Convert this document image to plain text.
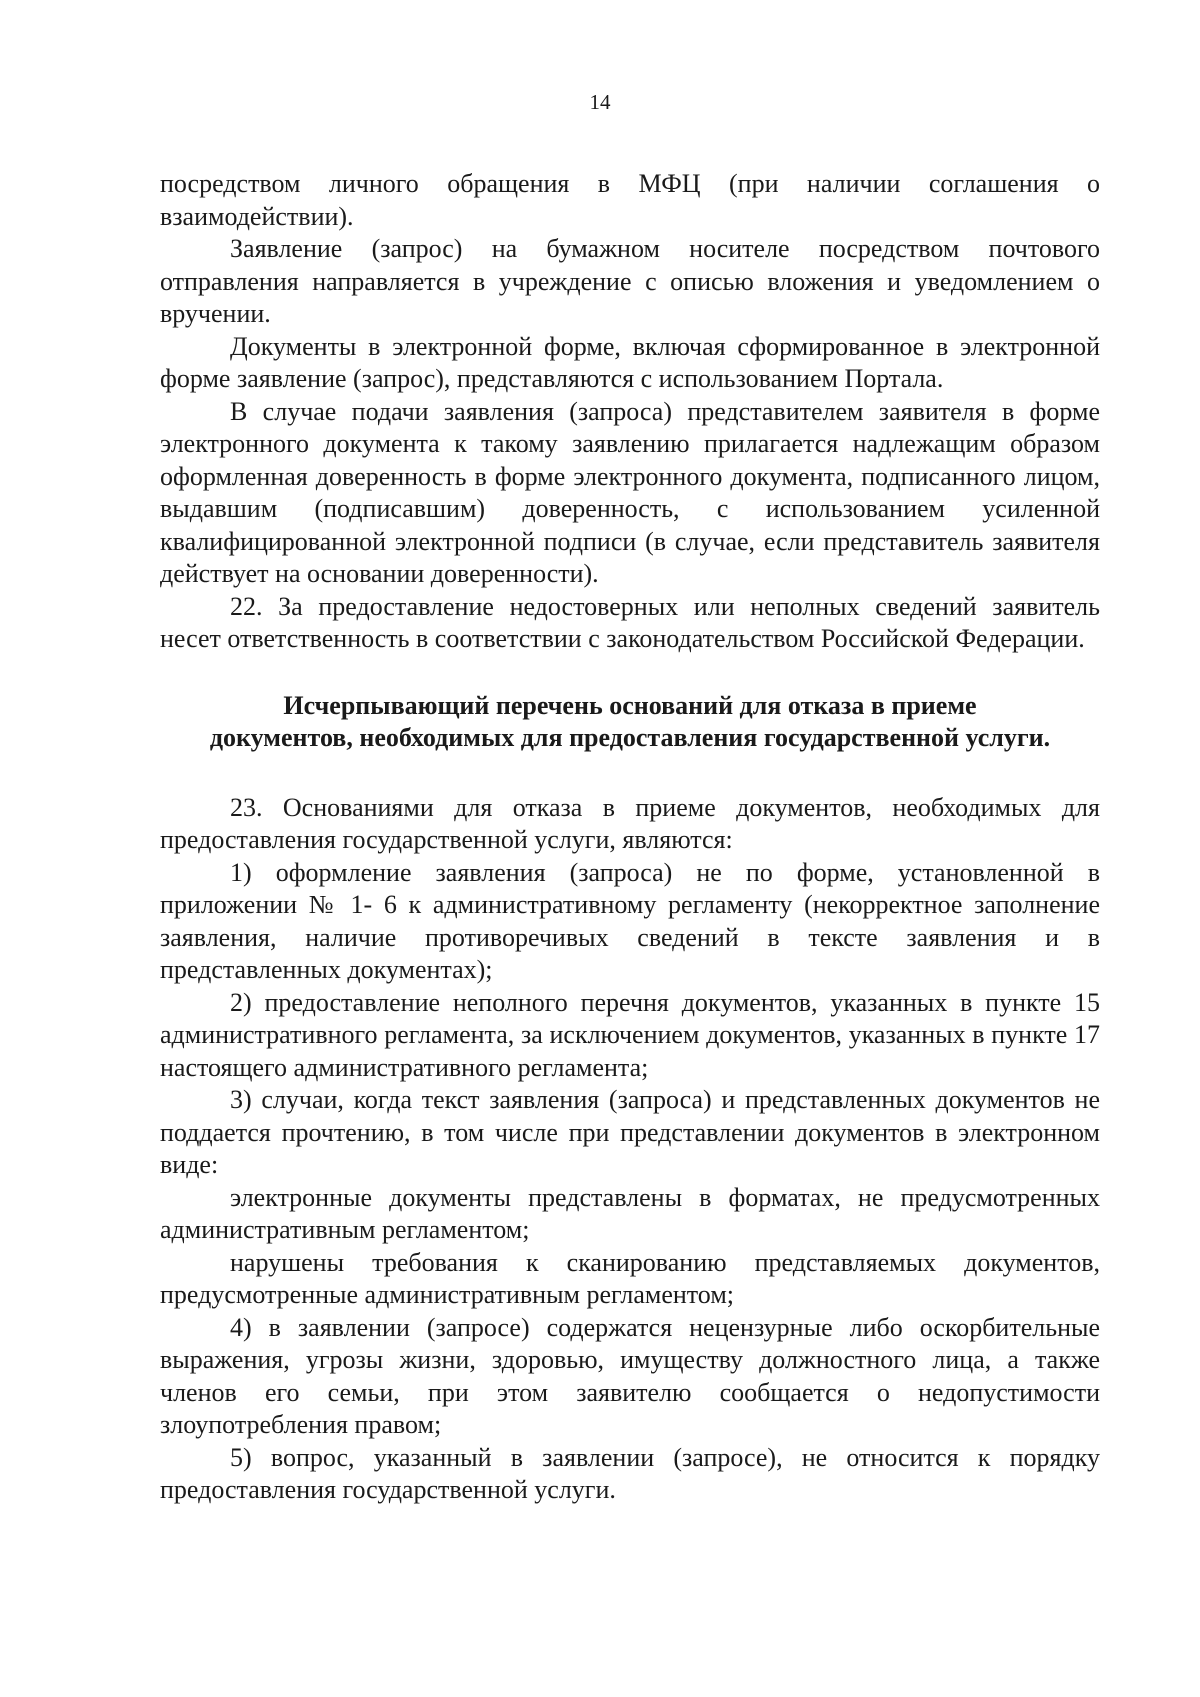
14

посредством личного обращения в МФЦ (при наличии соглашения о взаимодействии).

Заявление (запрос) на бумажном носителе посредством почтового отправления направляется в учреждение с описью вложения и уведомлением о вручении.

Документы в электронной форме, включая сформированное в электронной форме заявление (запрос), представляются с использованием Портала.

В случае подачи заявления (запроса) представителем заявителя в форме электронного документа к такому заявлению прилагается надлежащим образом оформленная доверенность в форме электронного документа, подписанного лицом, выдавшим (подписавшим) доверенность, с использованием усиленной квалифицированной электронной подписи (в случае, если представитель заявителя действует на основании доверенности).

22. За предоставление недостоверных или неполных сведений заявитель несет ответственность в соответствии с законодательством Российской Федерации.

Исчерпывающий перечень оснований для отказа в приеме
документов, необходимых для предоставления государственной услуги.

23. Основаниями для отказа в приеме документов, необходимых для предоставления государственной услуги, являются:

1) оформление заявления (запроса) не по форме, установленной в приложении № 1- 6 к административному регламенту (некорректное заполнение заявления, наличие противоречивых сведений в тексте заявления и в представленных документах);

2) предоставление неполного перечня документов, указанных в пункте 15 административного регламента, за исключением документов, указанных в пункте 17 настоящего административного регламента;

3) случаи, когда текст заявления (запроса) и представленных документов не поддается прочтению, в том числе при представлении документов в электронном виде:

электронные документы представлены в форматах, не предусмотренных административным регламентом;

нарушены требования к сканированию представляемых документов, предусмотренные административным регламентом;

4) в заявлении (запросе) содержатся нецензурные либо оскорбительные выражения, угрозы жизни, здоровью, имуществу должностного лица, а также членов его семьи, при этом заявителю сообщается о недопустимости злоупотребления правом;

5) вопрос, указанный в заявлении (запросе), не относится к порядку предоставления государственной услуги.
